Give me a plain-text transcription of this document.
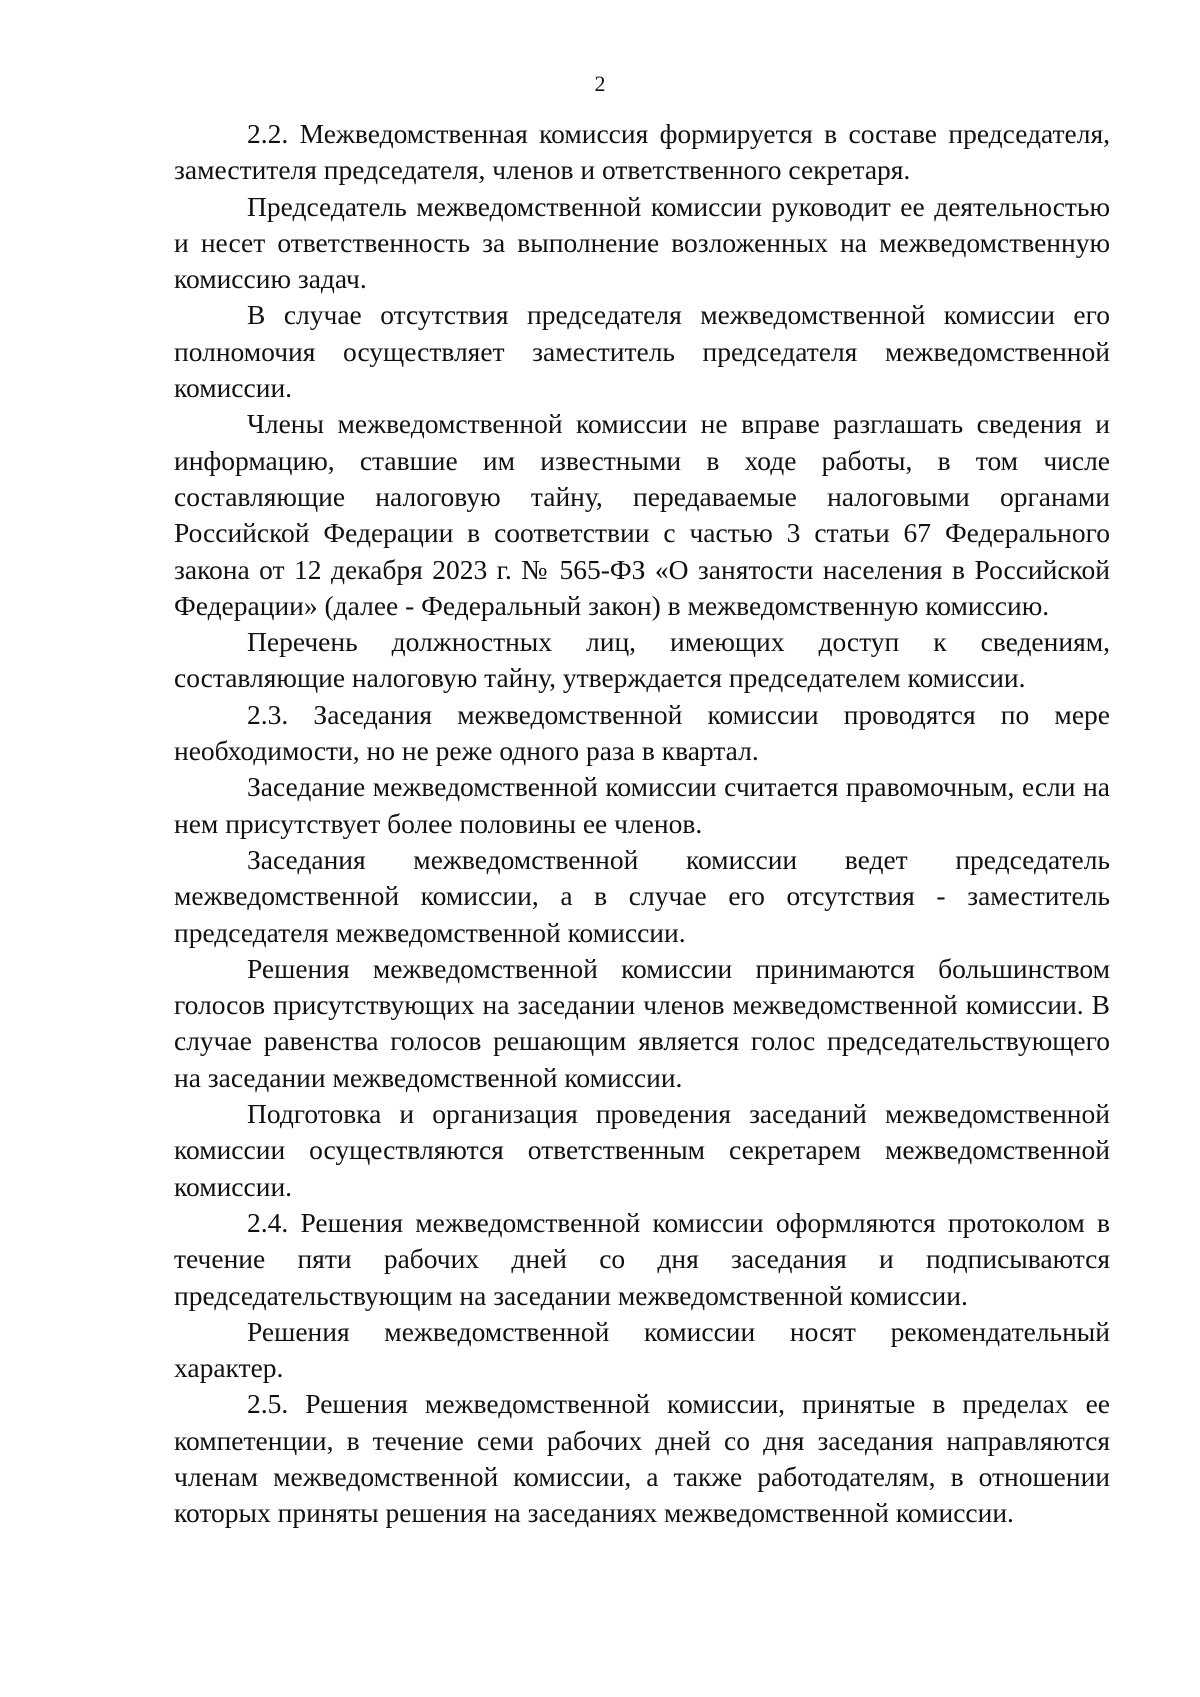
2

2.2. Межведомственная комиссия формируется в составе председателя, заместителя председателя, членов и ответственного секретаря.

Председатель межведомственной комиссии руководит ее деятельностью и несет ответственность за выполнение возложенных на межведомственную комиссию задач.

В случае отсутствия председателя межведомственной комиссии его полномочия осуществляет заместитель председателя межведомственной комиссии.

Члены межведомственной комиссии не вправе разглашать сведения и информацию, ставшие им известными в ходе работы, в том числе составляющие налоговую тайну, передаваемые налоговыми органами Российской Федерации в соответствии с частью 3 статьи 67 Федерального закона от 12 декабря 2023 г. № 565-ФЗ «О занятости населения в Российской Федерации» (далее - Федеральный закон) в межведомственную комиссию.

Перечень должностных лиц, имеющих доступ к сведениям, составляющие налоговую тайну, утверждается председателем комиссии.

2.3. Заседания межведомственной комиссии проводятся по мере необходимости, но не реже одного раза в квартал.

Заседание межведомственной комиссии считается правомочным, если на нем присутствует более половины ее членов.

Заседания межведомственной комиссии ведет председатель межведомственной комиссии, а в случае его отсутствия - заместитель председателя межведомственной комиссии.

Решения межведомственной комиссии принимаются большинством голосов присутствующих на заседании членов межведомственной комиссии. В случае равенства голосов решающим является голос председательствующего на заседании межведомственной комиссии.

Подготовка и организация проведения заседаний межведомственной комиссии осуществляются ответственным секретарем межведомственной комиссии.

2.4. Решения межведомственной комиссии оформляются протоколом в течение пяти рабочих дней со дня заседания и подписываются председательствующим на заседании межведомственной комиссии.

Решения межведомственной комиссии носят рекомендательный характер.

2.5. Решения межведомственной комиссии, принятые в пределах ее компетенции, в течение семи рабочих дней со дня заседания направляются членам межведомственной комиссии, а также работодателям, в отношении которых приняты решения на заседаниях межведомственной комиссии.
